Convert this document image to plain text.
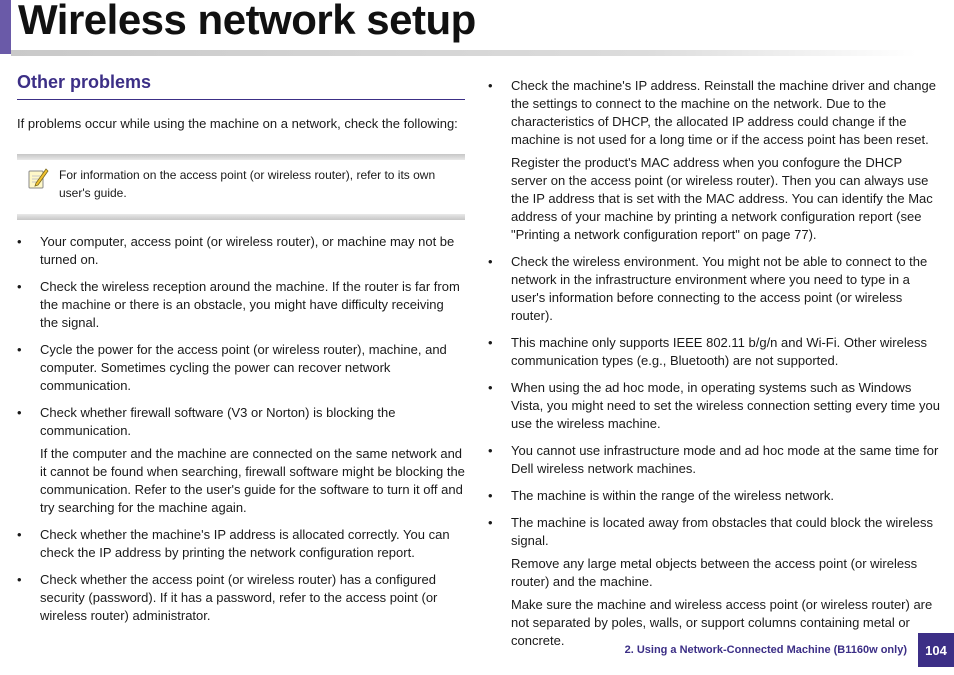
Wireless network setup
Other problems

If problems occur while using the machine on a network, check the following:

For information on the access point (or wireless router), refer to its own user's guide.
• Your computer, access point (or wireless router), or machine may not be turned on.

• Check the wireless reception around the machine. If the router is far from the machine or there is an obstacle, you might have difficulty receiving the signal.

• Cycle the power for the access point (or wireless router), machine, and computer. Sometimes cycling the power can recover network communication.

• Check whether firewall software (V3 or Norton) is blocking the communication.

If the computer and the machine are connected on the same network and it cannot be found when searching, firewall software might be blocking the communication. Refer to the user's guide for the software to turn it off and try searching for the machine again.

• Check whether the machine's IP address is allocated correctly. You can check the IP address by printing the network configuration report.

• Check whether the access point (or wireless router) has a configured security (password). If it has a password, refer to the access point (or wireless router) administrator.

• Check the machine's IP address. Reinstall the machine driver and change the settings to connect to the machine on the network. Due to the characteristics of DHCP, the allocated IP address could change if the machine is not used for a long time or if the access point has been reset.

Register the product's MAC address when you confogure the DHCP server on the access point (or wireless router). Then you can always use the IP address that is set with the MAC address. You can identify the Mac address of your machine by printing a network configuration report (see "Printing a network configuration report" on page 77).

• Check the wireless environment. You might not be able to connect to the network in the infrastructure environment where you need to type in a user's information before connecting to the access point (or wireless router).

• This machine only supports IEEE 802.11 b/g/n and Wi-Fi. Other wireless communication types (e.g., Bluetooth) are not supported.

• When using the ad hoc mode, in operating systems such as Windows Vista, you might need to set the wireless connection setting every time you use the wireless machine.

• You cannot use infrastructure mode and ad hoc mode at the same time for Dell wireless network machines.

• The machine is within the range of the wireless network.

• The machine is located away from obstacles that could block the wireless signal.

Remove any large metal objects between the access point (or wireless router) and the machine.

Make sure the machine and wireless access point (or wireless router) are not separated by poles, walls, or support columns containing metal or concrete.

2. Using a Network-Connected Machine (B1160w only)	104
